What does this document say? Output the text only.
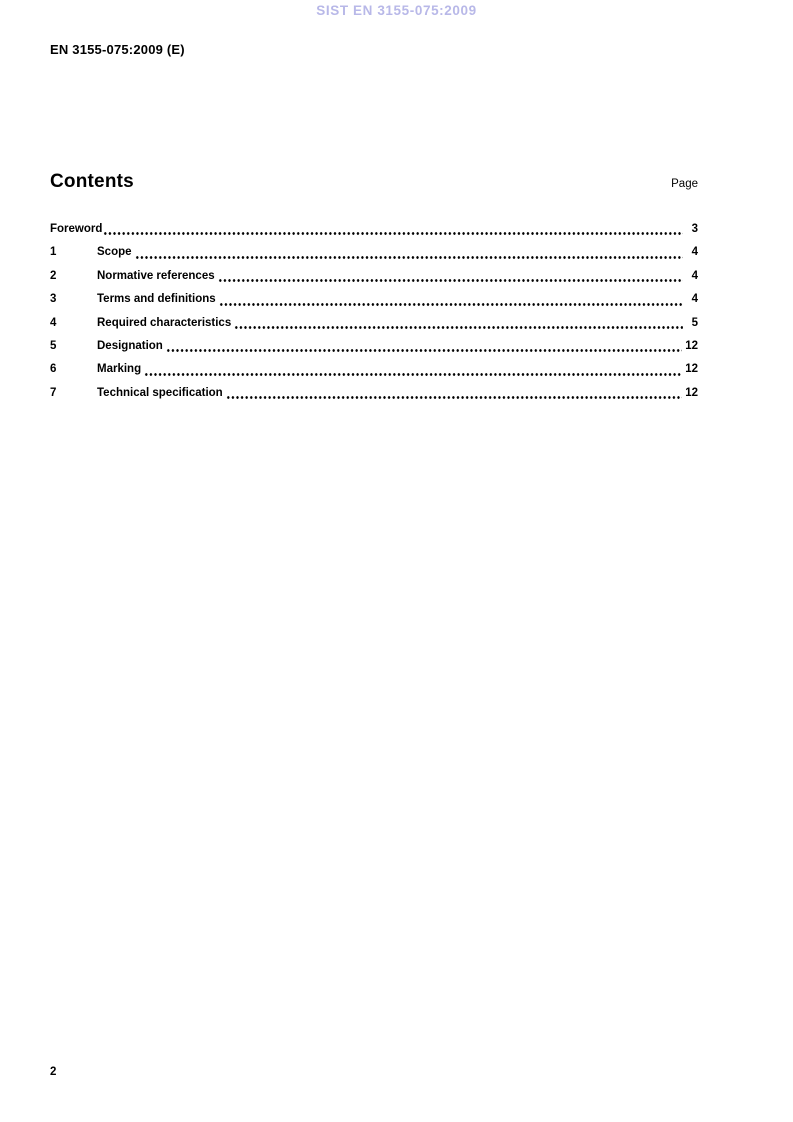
SIST EN 3155-075:2009
EN 3155-075:2009 (E)
Contents	Page
Foreword	3
1	Scope	4
2	Normative references	4
3	Terms and definitions	4
4	Required characteristics	5
5	Designation	12
6	Marking	12
7	Technical specification	12
2
